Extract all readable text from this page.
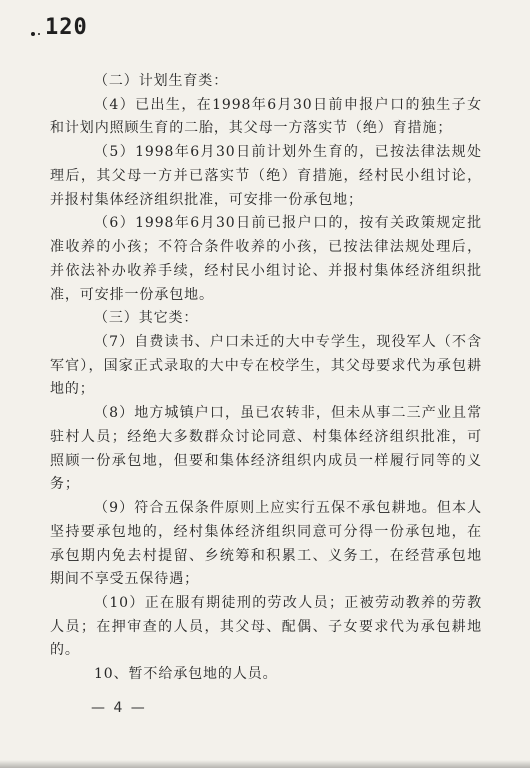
120

（二）计划生育类：

（4）已出生，在1998年6月30日前申报户口的独生子女和计划内照顾生育的二胎，其父母一方落实节（绝）育措施；

（5）1998年6月30日前计划外生育的，已按法律法规处理后，其父母一方并已落实节（绝）育措施，经村民小组讨论，并报村集体经济组织批准，可安排一份承包地；

（6）1998年6月30日前已报户口的，按有关政策规定批准收养的小孩；不符合条件收养的小孩，已按法律法规处理后，并依法补办收养手续，经村民小组讨论、并报村集体经济组织批准，可安排一份承包地。

（三）其它类：

（7）自费读书、户口未迁的大中专学生，现役军人（不含军官），国家正式录取的大中专在校学生，其父母要求代为承包耕地的；

（8）地方城镇户口，虽已农转非，但未从事二三产业且常驻村人员；经绝大多数群众讨论同意、村集体经济组织批准，可照顾一份承包地，但要和集体经济组织内成员一样履行同等的义务；

（9）符合五保条件原则上应实行五保不承包耕地。但本人坚持要承包地的，经村集体经济组织同意可分得一份承包地，在承包期内免去村提留、乡统筹和积累工、义务工，在经营承包地期间不享受五保待遇；

（10）正在服有期徒刑的劳改人员；正被劳动教养的劳教人员；在押审查的人员，其父母、配偶、子女要求代为承包耕地的。

10、暂不给承包地的人员。

— 4 —
